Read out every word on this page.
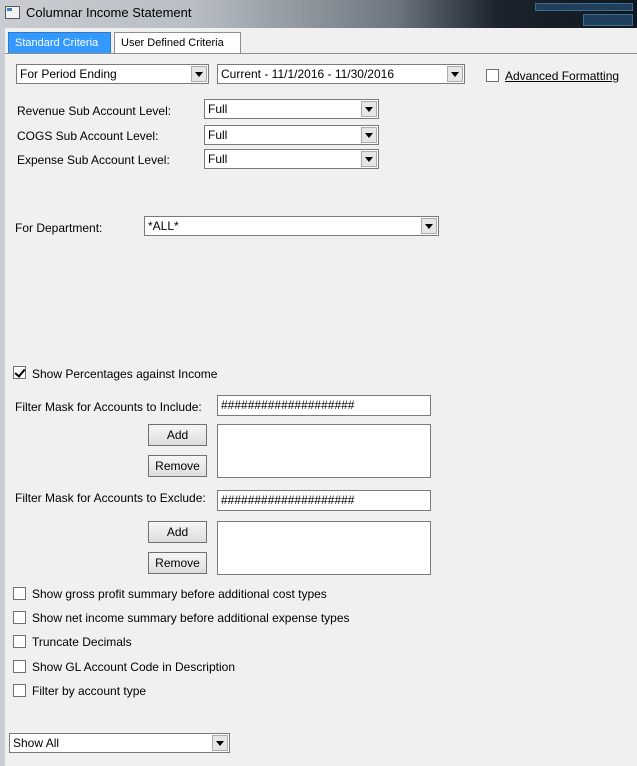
Columnar Income Statement
Standard Criteria	User Defined Criteria
For Period Ending	Current - 11/1/2016 - 11/30/2016	Advanced Formatting
Revenue Sub Account Level:	Full
COGS Sub Account Level:	Full
Expense Sub Account Level:	Full
For Department:	*ALL*
Show Percentages against Income
Filter Mask for Accounts to Include:	####################
Add
Remove
Filter Mask for Accounts to Exclude:	####################
Add
Remove
Show gross profit summary before additional cost types
Show net income summary before additional expense types
Truncate Decimals
Show GL Account Code in Description
Filter by account type
Show All
